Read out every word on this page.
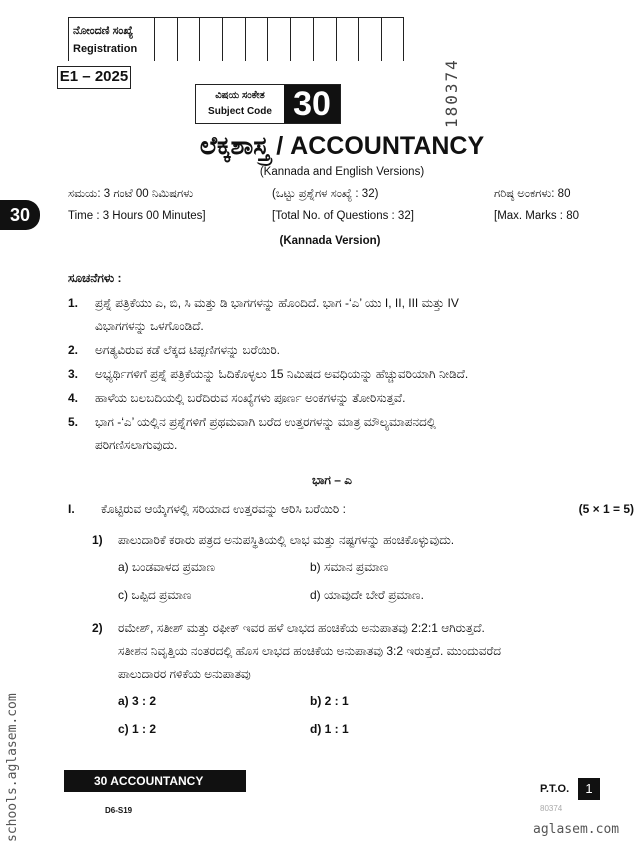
ನೋಂದಣಿ ಸಂಖ್ಯೆ
Registration
E1 – 2025
ವಿಷಯ ಸಂಕೇತ
Subject Code 30	180374
ಲೆಕ್ಕಶಾಸ್ತ್ರ / ACCOUNTANCY
(Kannada and English Versions)
30
ಸಮಯ: 3 ಗಂಟೆ 00 ನಿಮಿಷಗಳು
Time : 3 Hours 00 Minutes]
(ಒಟ್ಟು ಪ್ರಶ್ನೆಗಳ ಸಂಖ್ಯೆ : 32)
[Total No. of Questions : 32]
ಗರಿಷ್ಠ ಅಂಕಗಳು: 80
[Max. Marks : 80
(Kannada Version)
ಸೂಚನೆಗಳು :
1.	ಪ್ರಶ್ನೆ ಪತ್ರಿಕೆಯು ಎ, ಬಿ, ಸಿ ಮತ್ತು ಡಿ ಭಾಗಗಳನ್ನು ಹೊಂದಿದೆ. ಭಾಗ -‘ಎ’ ಯು I, II, III ಮತ್ತು IV
ವಿಭಾಗಗಳನ್ನು ಒಳಗೊಂಡಿದೆ.
2.	ಅಗತ್ಯವಿರುವ ಕಡೆ ಲೆಕ್ಕದ ಟಿಪ್ಪಣಿಗಳನ್ನು ಬರೆಯಿರಿ.
3.	ಅಭ್ಯರ್ಥಿಗಳಿಗೆ ಪ್ರಶ್ನೆ ಪತ್ರಿಕೆಯನ್ನು ಓದಿಕೊಳ್ಳಲು 15 ನಿಮಿಷದ ಅವಧಿಯನ್ನು ಹೆಚ್ಚುವರಿಯಾಗಿ ನೀಡಿದೆ.
4.	ಹಾಳೆಯ ಬಲಬದಿಯಲ್ಲಿ ಬರೆದಿರುವ ಸಂಖ್ಯೆಗಳು ಪೂರ್ಣ ಅಂಕಗಳನ್ನು ತೋರಿಸುತ್ತವೆ.
5.	ಭಾಗ -‘ಎ’ ಯಲ್ಲಿನ ಪ್ರಶ್ನೆಗಳಿಗೆ ಪ್ರಥಮವಾಗಿ ಬರೆದ ಉತ್ತರಗಳನ್ನು ಮಾತ್ರ ಮೌಲ್ಯಮಾಪನದಲ್ಲಿ
ಪರಿಗಣಿಸಲಾಗುವುದು.
ಭಾಗ – ಎ
I.	ಕೊಟ್ಟಿರುವ ಆಯ್ಕೆಗಳಲ್ಲಿ ಸರಿಯಾದ ಉತ್ತರವನ್ನು ಆರಿಸಿ ಬರೆಯಿರಿ :	(5 × 1 = 5)
1)	ಪಾಲುದಾರಿಕೆ ಕರಾರು ಪತ್ರದ ಅನುಪಸ್ಥಿತಿಯಲ್ಲಿ ಲಾಭ ಮತ್ತು ನಷ್ಟಗಳನ್ನು ಹಂಚಿಕೊಳ್ಳುವುದು.
a) ಬಂಡವಾಳದ ಪ್ರಮಾಣ	b) ಸಮಾನ ಪ್ರಮಾಣ
c) ಒಪ್ಪಿದ ಪ್ರಮಾಣ	d) ಯಾವುದೇ ಬೇರೆ ಪ್ರಮಾಣ.
2)	ರಮೇಶ್, ಸತೀಶ್ ಮತ್ತು ರಫೀಕ್ ಇವರ ಹಳೆ ಲಾಭದ ಹಂಚಿಕೆಯ ಅನುಪಾತವು 2:2:1 ಆಗಿರುತ್ತದೆ.
ಸತೀಶನ ನಿವೃತ್ತಿಯ ನಂತರದಲ್ಲಿ ಹೊಸ ಲಾಭದ ಹಂಚಿಕೆಯ ಅನುಪಾತವು 3:2 ಇರುತ್ತದೆ. ಮುಂದುವರೆದ
ಪಾಲುದಾರರ ಗಳಿಕೆಯ ಅನುಪಾತವು
a) 3 : 2	b) 2 : 1
c) 1 : 2	d) 1 : 1
30 ACCOUNTANCY
P.T.O.	1
D6-S19	80374
aglasem.com
schools.aglasem.com
